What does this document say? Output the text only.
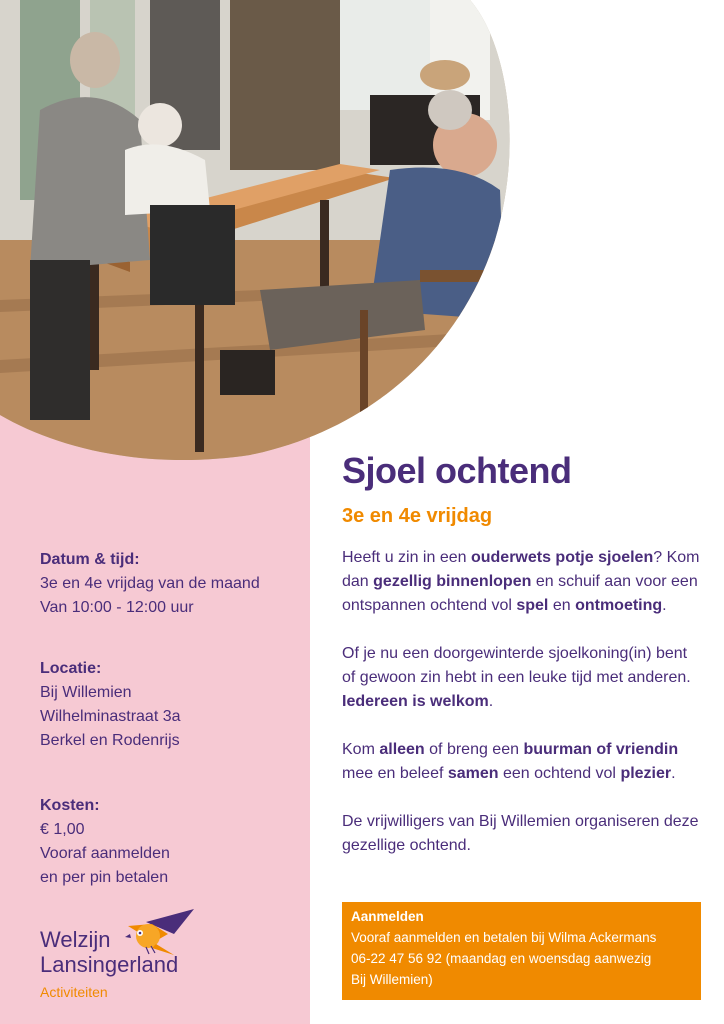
Sjoel ochtend
3e en 4e vrijdag

Heeft u zin in een ouderwets potje sjoelen? Kom dan gezellig binnenlopen en schuif aan voor een ontspannen ochtend vol spel en ontmoeting.

Of je nu een doorgewinterde sjoelkoning(in) bent of gewoon zin hebt in een leuke tijd met anderen. Iedereen is welkom.

Kom alleen of breng een buurman of vriendin mee en beleef samen een ochtend vol plezier.

De vrijwilligers van Bij Willemien organiseren deze gezellige ochtend.

Datum & tijd:
3e en 4e vrijdag van de maand
Van 10:00 - 12:00 uur
Locatie:
Bij Willemien
Wilhelminastraat 3a
Berkel en Rodenrijs
Kosten:
€ 1,00
Vooraf aanmelden
en per pin betalen
Aanmelden
Vooraf aanmelden en betalen bij Wilma Ackermans
06-22 47 56 92 (maandag en woensdag aanwezig
Bij Willemien)
Welzijn
Lansingerland
Activiteiten
